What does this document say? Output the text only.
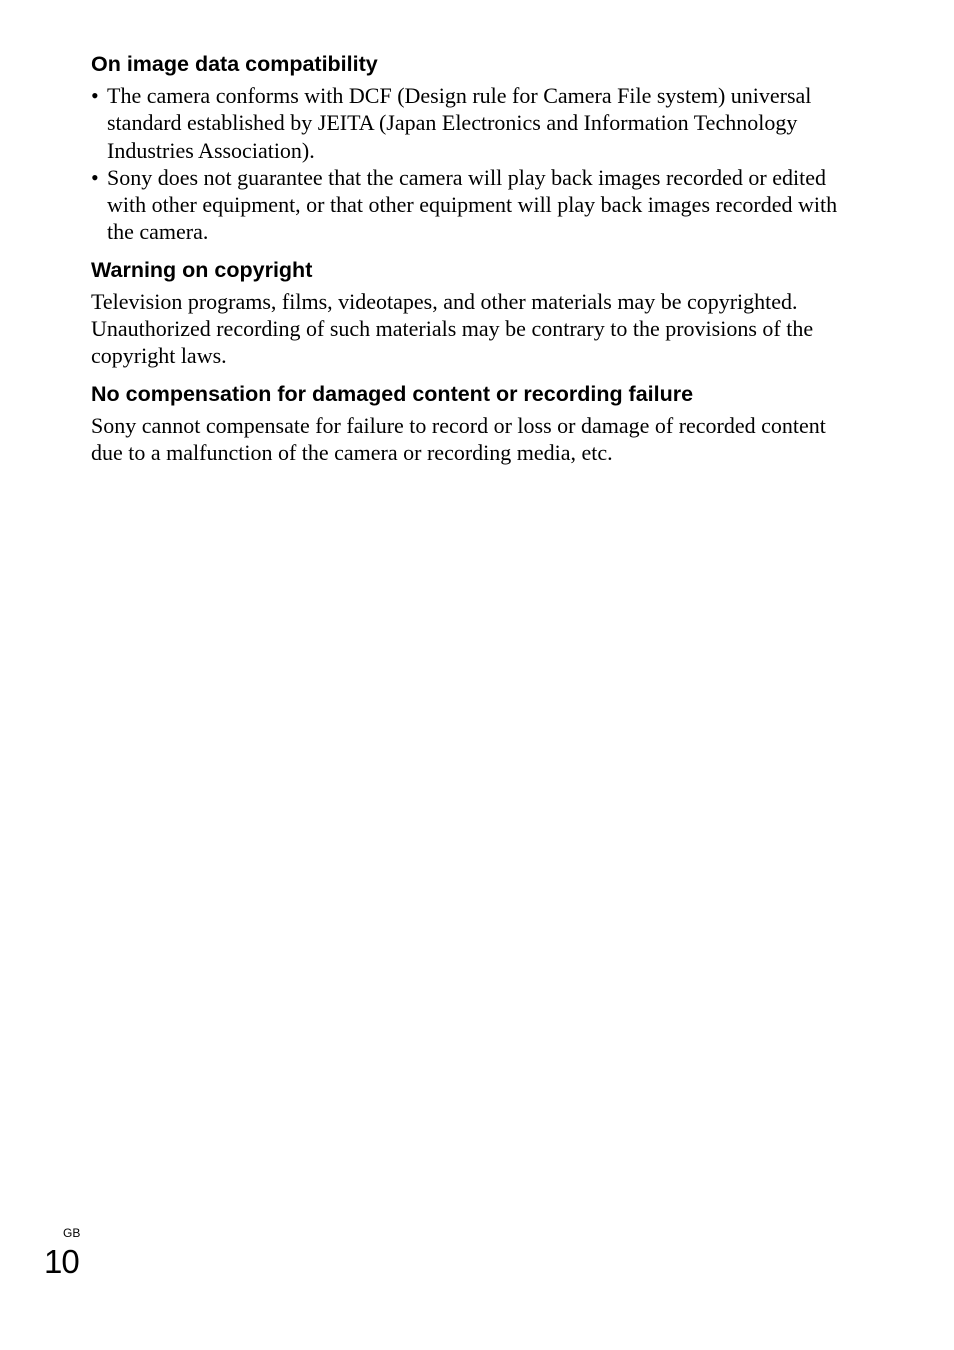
On image data compatibility
• The camera conforms with DCF (Design rule for Camera File system) universal standard established by JEITA (Japan Electronics and Information Technology Industries Association).
• Sony does not guarantee that the camera will play back images recorded or edited with other equipment, or that other equipment will play back images recorded with the camera.
Warning on copyright

Television programs, films, videotapes, and other materials may be copyrighted. Unauthorized recording of such materials may be contrary to the provisions of the copyright laws.

No compensation for damaged content or recording failure

Sony cannot compensate for failure to record or loss or damage of recorded content due to a malfunction of the camera or recording media, etc.

GB
10
